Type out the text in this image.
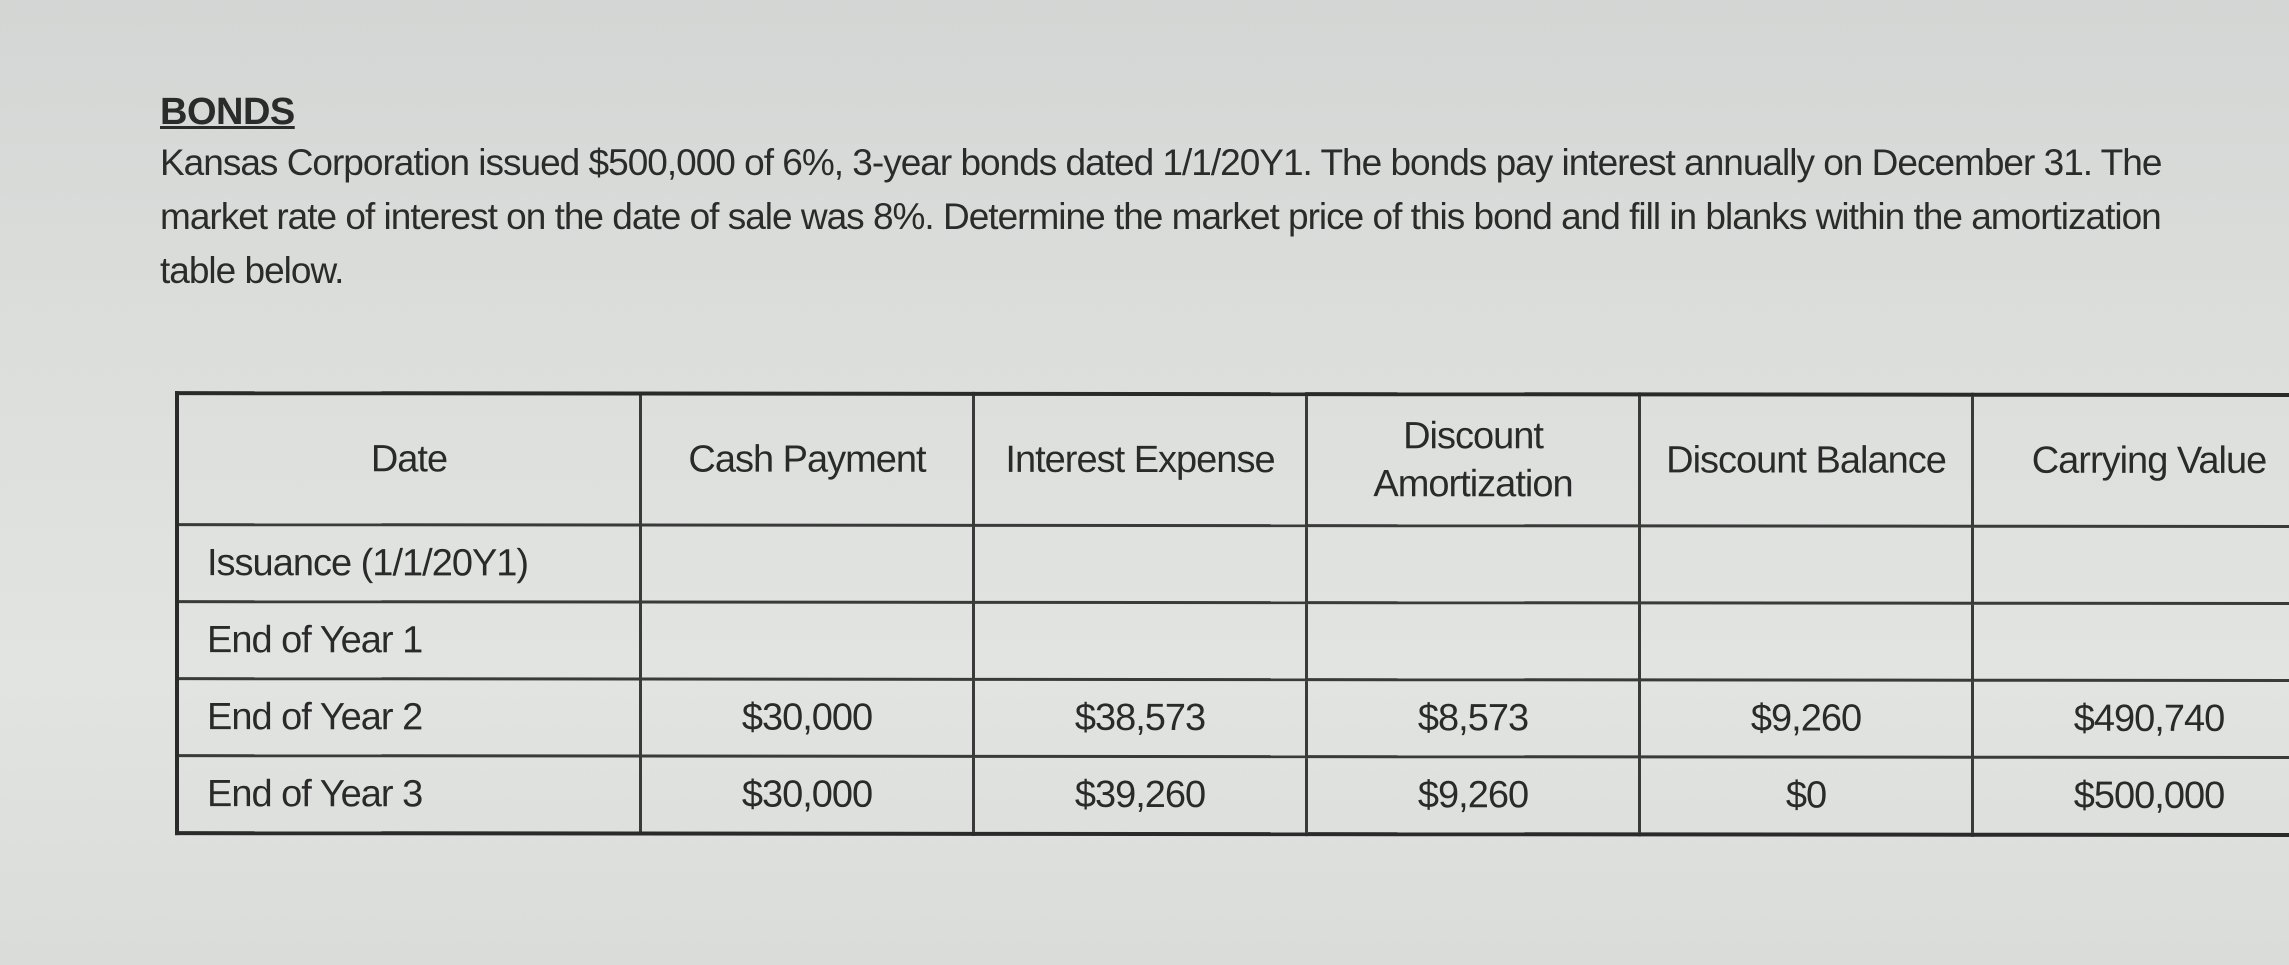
BONDS

Kansas Corporation issued $500,000 of 6%, 3-year bonds dated 1/1/20Y1. The bonds pay interest annually on December 31. The market rate of interest on the date of sale was 8%. Determine the market price of this bond and fill in blanks within the amortization table below.

Date	Cash Payment	Interest Expense	Discount Amortization	Discount Balance	Carrying Value
Issuance (1/1/20Y1)					
End of Year 1					
End of Year 2	$30,000	$38,573	$8,573	$9,260	$490,740
End of Year 3	$30,000	$39,260	$9,260	$0	$500,000
